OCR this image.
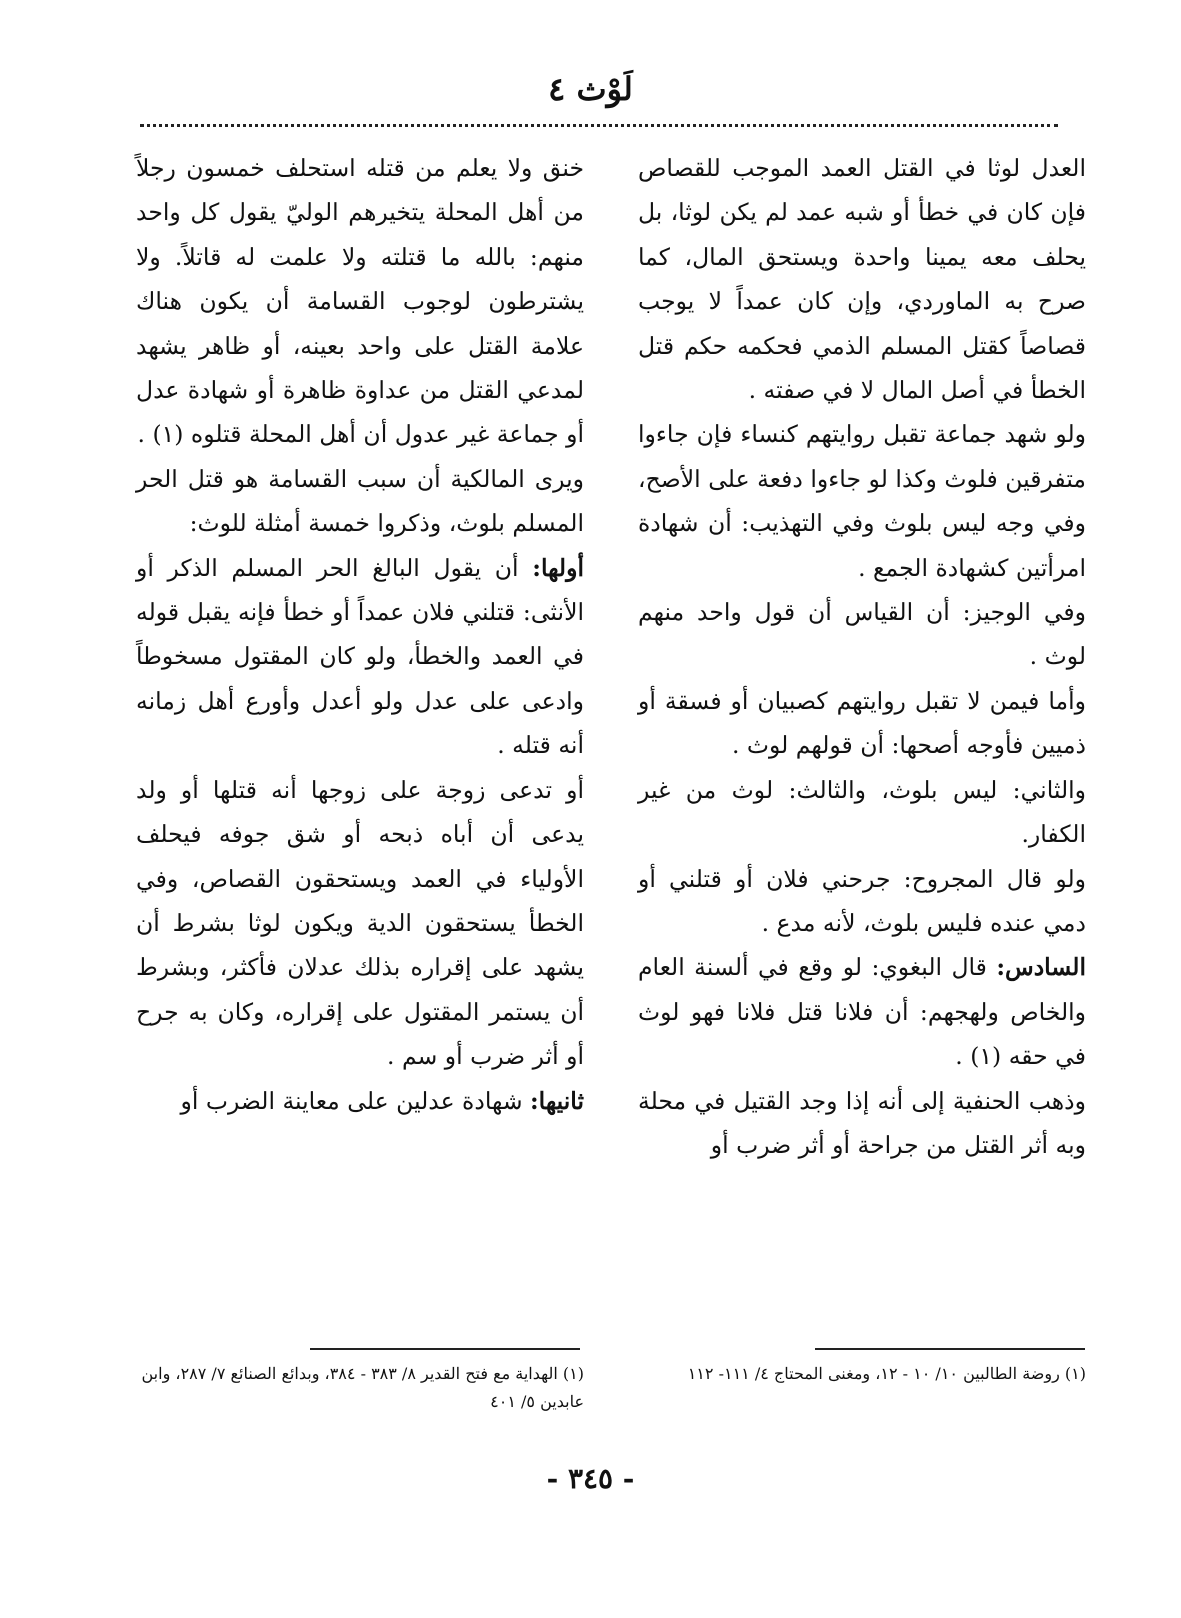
لَوْث ٤

العدل لوثا في القتل العمد الموجب للقصاص فإن كان في خطأ أو شبه عمد لم يكن لوثا، بل يحلف معه يمينا واحدة ويستحق المال، كما صرح به الماوردي، وإن كان عمداً لا يوجب قصاصاً كقتل المسلم الذمي فحكمه حكم قتل الخطأ في أصل المال لا في صفته .

ولو شهد جماعة تقبل روايتهم كنساء فإن جاءوا متفرقين فلوث وكذا لو جاءوا دفعة على الأصح، وفي وجه ليس بلوث وفي التهذيب: أن شهادة امرأتين كشهادة الجمع .

وفي الوجيز: أن القياس أن قول واحد منهم لوث .

وأما فيمن لا تقبل روايتهم كصبيان أو فسقة أو ذميين فأوجه أصحها: أن قولهم لوث .

والثاني: ليس بلوث، والثالث: لوث من غير الكفار.

ولو قال المجروح: جرحني فلان أو قتلني أو دمي عنده فليس بلوث، لأنه مدع .

السادس: قال البغوي: لو وقع في ألسنة العام والخاص ولهجهم: أن فلانا قتل فلانا فهو لوث في حقه (١) .

وذهب الحنفية إلى أنه إذا وجد القتيل في محلة وبه أثر القتل من جراحة أو أثر ضرب أو

خنق ولا يعلم من قتله استحلف خمسون رجلاً من أهل المحلة يتخيرهم الوليّ يقول كل واحد منهم: بالله ما قتلته ولا علمت له قاتلاً. ولا يشترطون لوجوب القسامة أن يكون هناك علامة القتل على واحد بعينه، أو ظاهر يشهد لمدعي القتل من عداوة ظاهرة أو شهادة عدل أو جماعة غير عدول أن أهل المحلة قتلوه (١) .

ويرى المالكية أن سبب القسامة هو قتل الحر المسلم بلوث، وذكروا خمسة أمثلة للوث:

أولها: أن يقول البالغ الحر المسلم الذكر أو الأنثى: قتلني فلان عمداً أو خطأ فإنه يقبل قوله في العمد والخطأ، ولو كان المقتول مسخوطاً وادعى على عدل ولو أعدل وأورع أهل زمانه أنه قتله .

أو تدعى زوجة على زوجها أنه قتلها أو ولد يدعى أن أباه ذبحه أو شق جوفه فيحلف الأولياء في العمد ويستحقون القصاص، وفي الخطأ يستحقون الدية ويكون لوثا بشرط أن يشهد على إقراره بذلك عدلان فأكثر، وبشرط أن يستمر المقتول على إقراره، وكان به جرح أو أثر ضرب أو سم .

ثانيها: شهادة عدلين على معاينة الضرب أو

(١) روضة الطالبين ١٠/ ١٠ - ١٢، ومغنى المحتاج ٤/ ١١١- ١١٢
(١) الهداية مع فتح القدير ٨/ ٣٨٣ - ٣٨٤، وبدائع الصنائع ٧/ ٢٨٧، وابن عابدين ٥/ ٤٠١
- ٣٤٥ -
